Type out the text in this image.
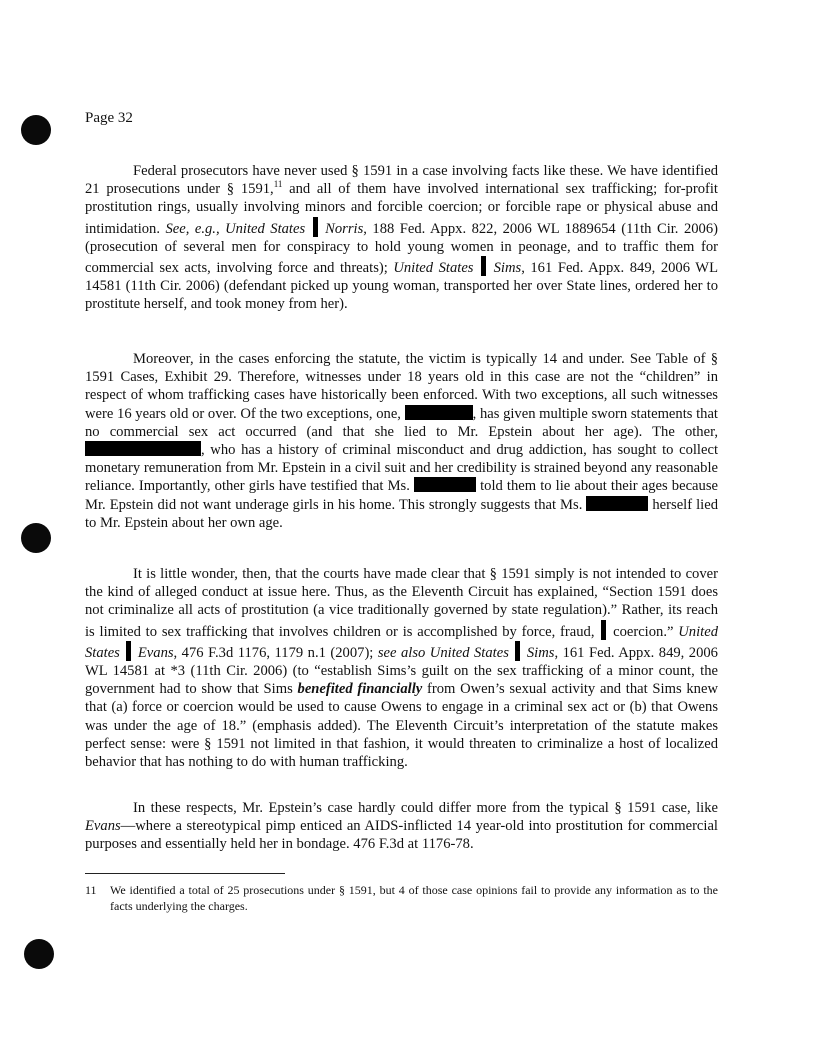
Page 32

Federal prosecutors have never used § 1591 in a case involving facts like these. We have identified 21 prosecutions under § 1591,11 and all of them have involved international sex trafficking; for-profit prostitution rings, usually involving minors and forcible coercion; or forcible rape or physical abuse and intimidation. See, e.g., United States  Norris, 188 Fed. Appx. 822, 2006 WL 1889654 (11th Cir. 2006) (prosecution of several men for conspiracy to hold young women in peonage, and to traffic them for commercial sex acts, involving force and threats); United States Sims, 161 Fed. Appx. 849, 2006 WL 14581 (11th Cir. 2006) (defendant picked up young woman, transported her over State lines, ordered her to prostitute herself, and took money from her).

Moreover, in the cases enforcing the statute, the victim is typically 14 and under. See Table of § 1591 Cases, Exhibit 29. Therefore, witnesses under 18 years old in this case are not the “children” in respect of whom trafficking cases have historically been enforced. With two exceptions, all such witnesses were 16 years old or over. Of the two exceptions, one,	, has given multiple sworn statements that no commercial sex act occurred (and that she lied to Mr. Epstein about her age). The other, , who has a history of criminal misconduct and drug addiction, has sought to collect monetary remuneration from Mr. Epstein in a civil suit and her credibility is strained beyond any reasonable reliance. Importantly, other girls have testified that Ms.	told them to lie about their ages because Mr. Epstein did not want underage girls in his home. This strongly suggests that Ms.	herself lied to Mr. Epstein about her own age.

It is little wonder, then, that the courts have made clear that § 1591 simply is not intended to cover the kind of alleged conduct at issue here. Thus, as the Eleventh Circuit has explained, “Section 1591 does not criminalize all acts of prostitution (a vice traditionally governed by state regulation).” Rather, its reach is limited to sex trafficking that involves children or is accomplished by force, fraud,  coercion.” United States Evans, 476 F.3d 1176, 1179 n.1 (2007); see also United States Sims, 161 Fed. Appx. 849, 2006 WL 14581 at *3 (11th Cir. 2006) (to “establish Sims’s guilt on the sex trafficking of a minor count, the government had to show that Sims benefited financially from Owen’s sexual activity and that Sims knew that (a) force or coercion would be used to cause Owens to engage in a criminal sex act or (b) that Owens was under the age of 18.” (emphasis added). The Eleventh Circuit’s interpretation of the statute makes perfect sense: were § 1591 not limited in that fashion, it would threaten to criminalize a host of localized behavior that has nothing to do with human trafficking.

In these respects, Mr. Epstein’s case hardly could differ more from the typical § 1591 case, like Evans—where a stereotypical pimp enticed an AIDS-inflicted 14 year-old into prostitution for commercial purposes and essentially held her in bondage. 476 F.3d at 1176-78.

11 We identified a total of 25 prosecutions under § 1591, but 4 of those case opinions fail to provide any information as to the facts underlying the charges.
